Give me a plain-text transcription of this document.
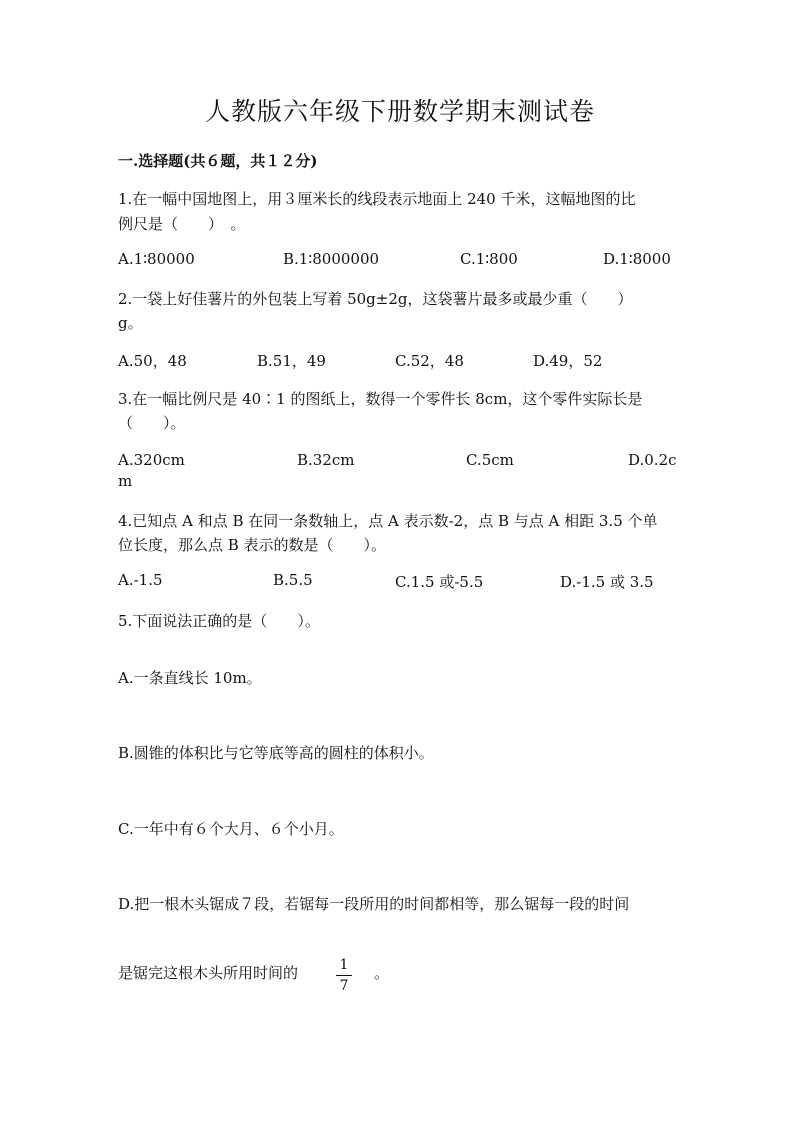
人教版六年级下册数学期末测试卷
一.选择题(共６题，共１２分)
1.在一幅中国地图上，用３厘米长的线段表示地面上 240 千米，这幅地图的比
例尺是（　　）　。
A.1∶80000	B.1∶8000000	C.1∶800	D.1∶8000
2.一袋上好佳薯片的外包装上写着 50g±2g，这袋薯片最多或最少重（　　）
g。
A.50，48	B.51，49	C.52，48	D.49，52
3.在一幅比例尺是 40∶1 的图纸上，数得一个零件长 8cm，这个零件实际长是
（　　）。
A.320cm	B.32cm	C.5cm	D.0.2c
m
4.已知点 A 和点 B 在同一条数轴上，点 A 表示数-2，点 B 与点 A 相距 3.5 个单
位长度，那么点 B 表示的数是（　　）。
A.-1.5	B.5.5	C.1.5 或-5.5	D.-1.5 或 3.5
5.下面说法正确的是（　　）。
A.一条直线长 10m。
B.圆锥的体积比与它等底等高的圆柱的体积小。
C.一年中有６个大月、６个小月。
D.把一根木头锯成７段，若锯每一段所用的时间都相等，那么锯每一段的时间
是锯完这根木头所用时间的	1
7
。
